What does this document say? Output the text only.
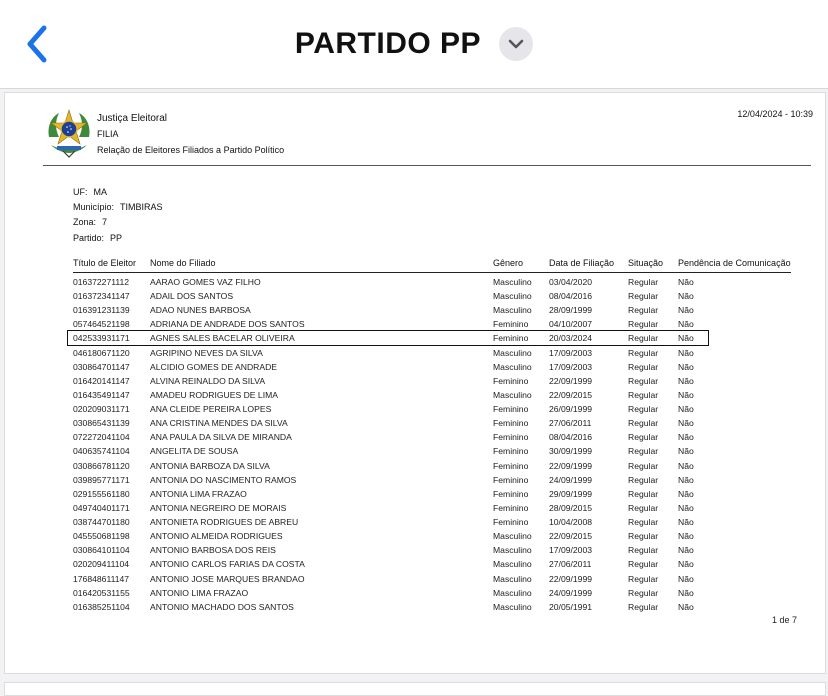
PARTIDO PP
Justiça Eleitoral
FILIA
Relação de Eleitores Filiados a Partido Político
12/04/2024 - 10:39
UF: MA
Município: TIMBIRAS
Zona: 7
Partido: PP
Título de Eleitor Nome do Filiado	Gênero	Data de Filiação Situação Pendência de Comunicação
016372271112 AARAO GOMES VAZ FILHO	Masculino 03/04/2020	Regular Não
016372341147 ADAIL DOS SANTOS	Masculino 08/04/2016	Regular Não
016391231139 ADAO NUNES BARBOSA	Masculino 28/09/1999	Regular Não
057464521198 ADRIANA DE ANDRADE DOS SANTOS	Feminino 04/10/2007	Regular Não
042533931171 AGNES SALES BACELAR OLIVEIRA	Feminino 20/03/2024	Regular Não
046180671120 AGRIPINO NEVES DA SILVA	Masculino 17/09/2003	Regular Não
030864701147 ALCIDIO GOMES DE ANDRADE	Masculino 17/09/2003	Regular Não
016420141147 ALVINA REINALDO DA SILVA	Feminino 22/09/1999	Regular Não
016435491147 AMADEU RODRIGUES DE LIMA	Masculino 22/09/2015	Regular Não
020209031171 ANA CLEIDE PEREIRA LOPES	Feminino 26/09/1999	Regular Não
030865431139 ANA CRISTINA MENDES DA SILVA	Feminino 27/06/2011	Regular Não
072272041104 ANA PAULA DA SILVA DE MIRANDA	Feminino 08/04/2016	Regular Não
040635741104 ANGELITA DE SOUSA	Feminino 30/09/1999	Regular Não
030866781120 ANTONIA BARBOZA DA SILVA	Feminino 22/09/1999	Regular Não
039895771171 ANTONIA DO NASCIMENTO RAMOS	Feminino 24/09/1999	Regular Não
029155561180 ANTONIA LIMA FRAZAO	Feminino 29/09/1999	Regular Não
049740401171 ANTONIA NEGREIRO DE MORAIS	Feminino 28/09/2015	Regular Não
038744701180 ANTONIETA RODRIGUES DE ABREU	Feminino 10/04/2008	Regular Não
045550681198 ANTONIO ALMEIDA RODRIGUES	Masculino 22/09/2015	Regular Não
030864101104 ANTONIO BARBOSA DOS REIS	Masculino 17/09/2003	Regular Não
020209411104 ANTONIO CARLOS FARIAS DA COSTA	Masculino 27/06/2011	Regular Não
176848611147 ANTONIO JOSE MARQUES BRANDAO	Masculino 22/09/1999	Regular Não
016420531155 ANTONIO LIMA FRAZAO	Masculino 24/09/1999	Regular Não
016385251104 ANTONIO MACHADO DOS SANTOS	Masculino 20/05/1991	Regular Não
1 de 7
